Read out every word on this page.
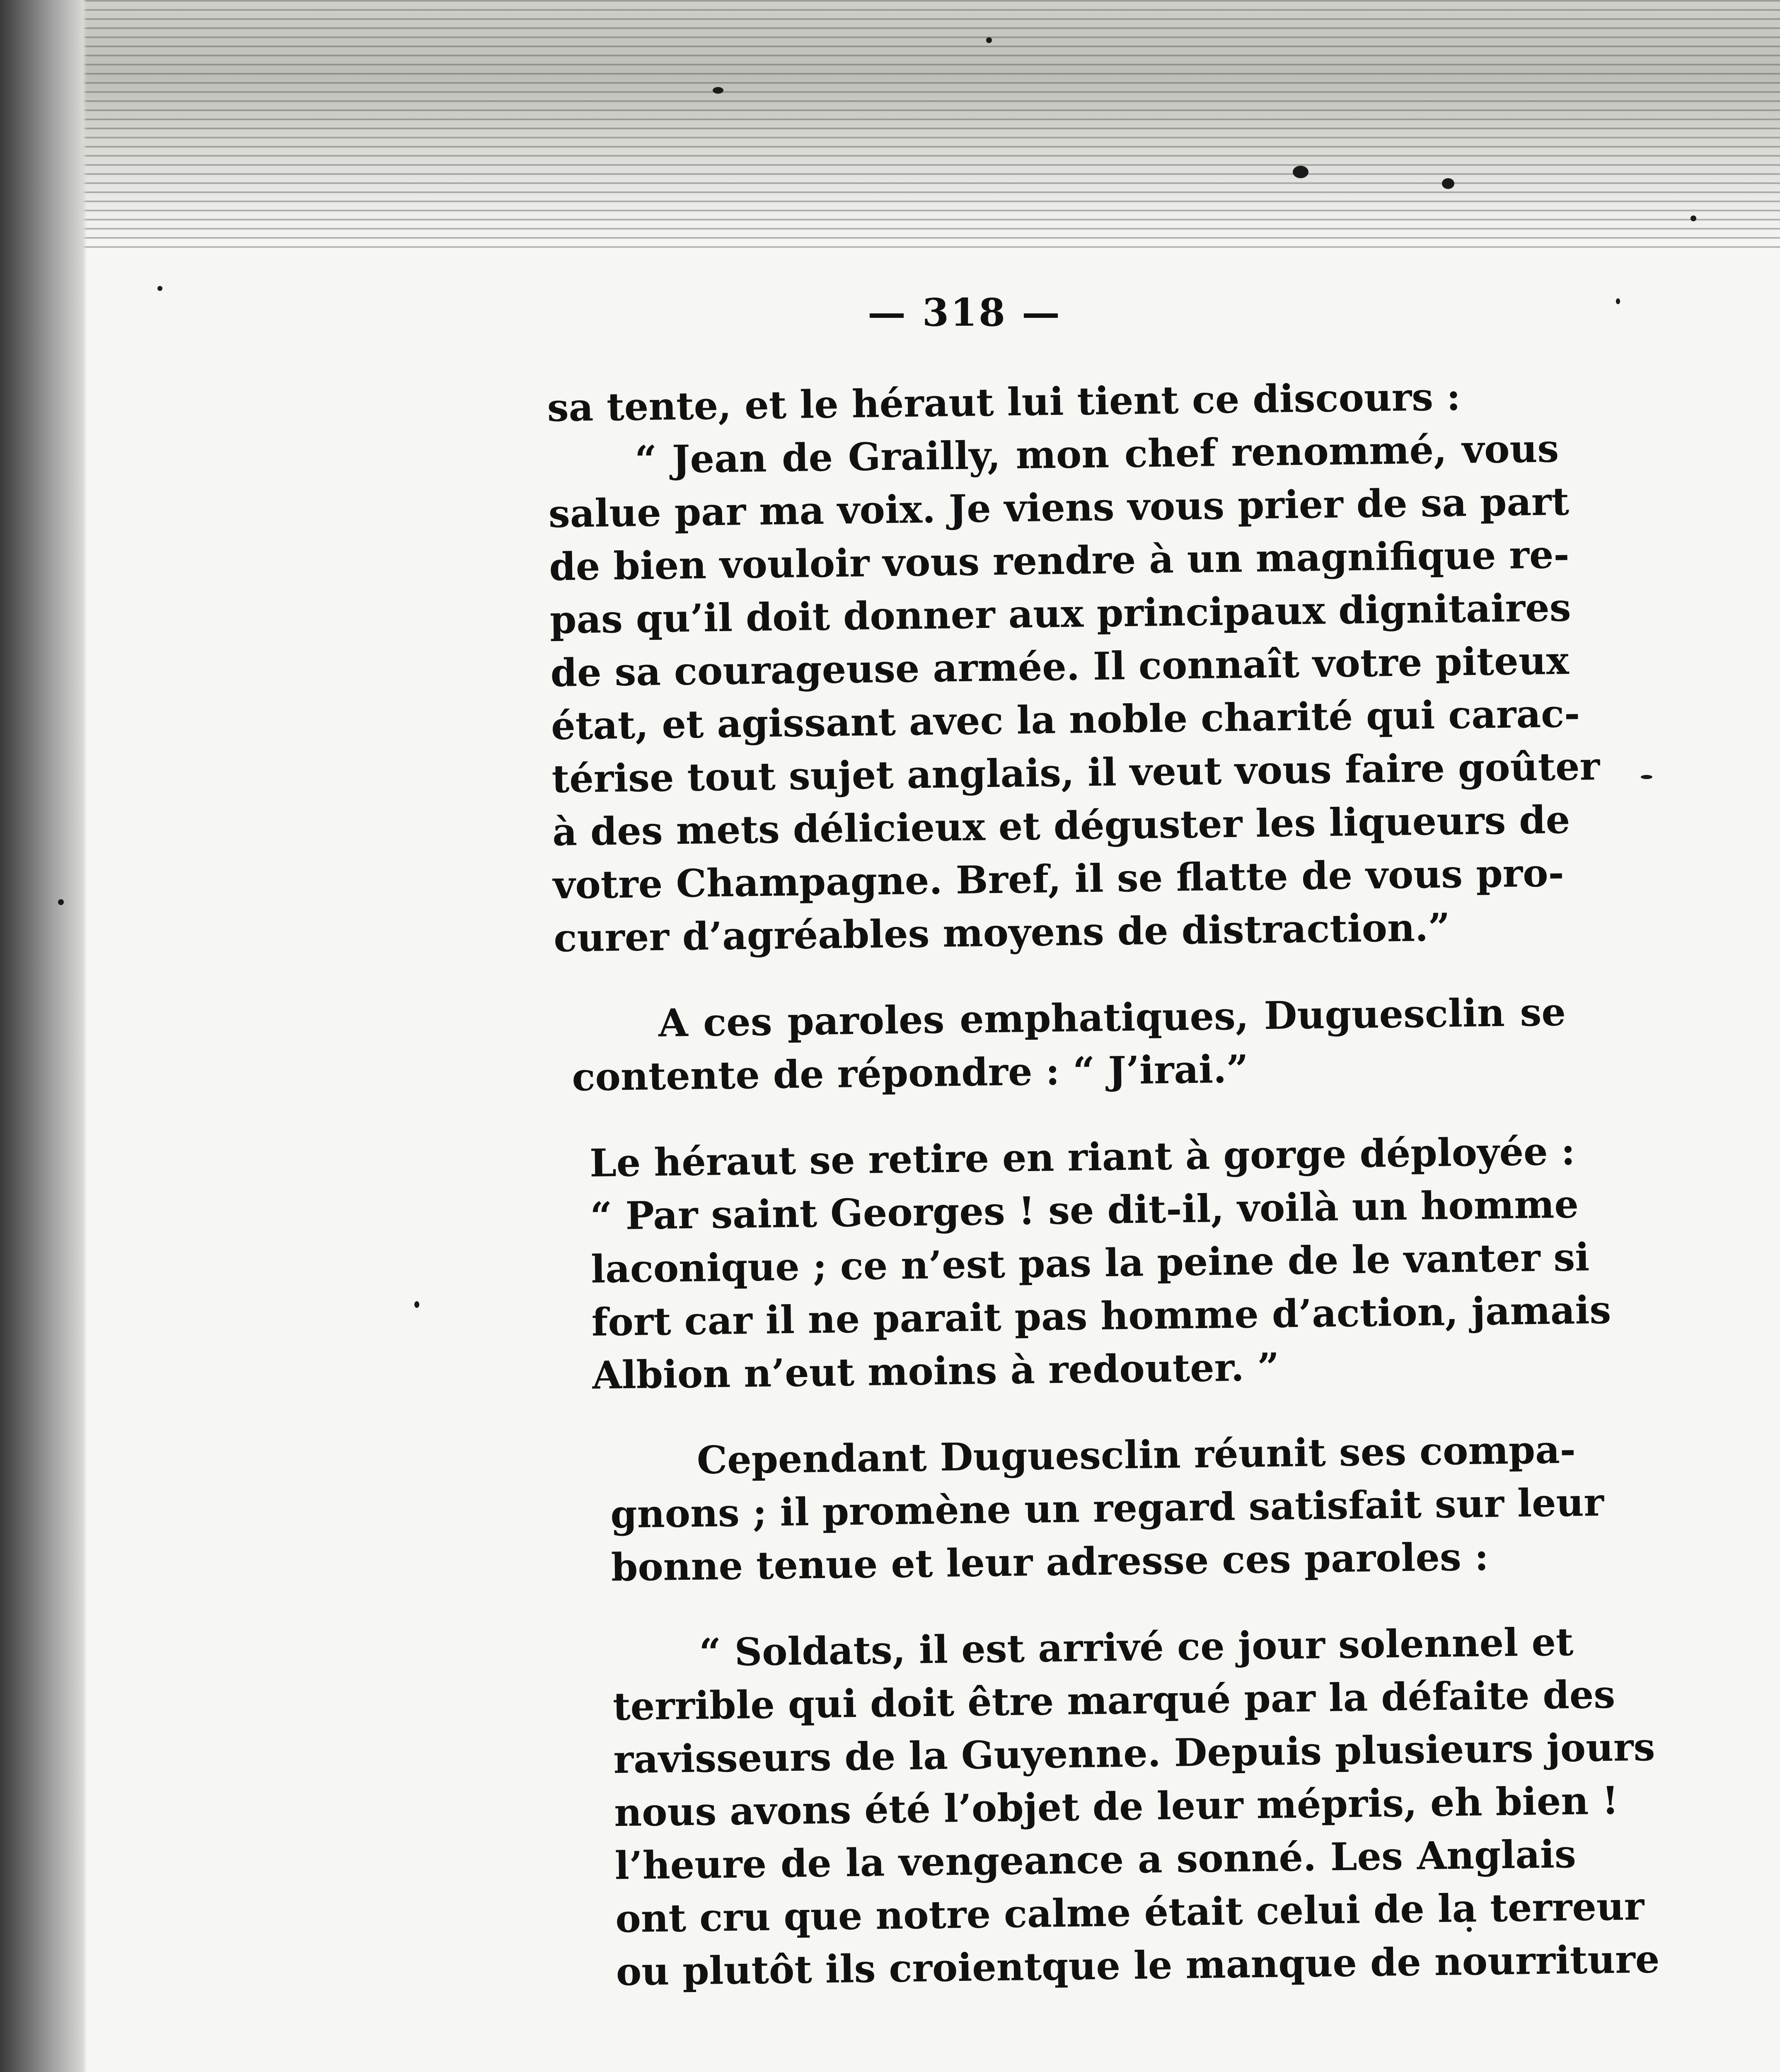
— 318 —
sa tente, et le héraut lui tient ce discours :
“ Jean de Grailly, mon chef renommé, vous
salue par ma voix. Je viens vous prier de sa part
de bien vouloir vous rendre à un magnifique re-
pas qu’il doit donner aux principaux dignitaires
de sa courageuse armée. Il connaît votre piteux
état, et agissant avec la noble charité qui carac-
térise tout sujet anglais, il veut vous faire goûter
à des mets délicieux et déguster les liqueurs de
votre Champagne. Bref, il se flatte de vous pro-
curer d’agréables moyens de distraction.”
A ces paroles emphatiques, Duguesclin se
contente de répondre : “ J’irai.”
Le héraut se retire en riant à gorge déployée :
“ Par saint Georges ! se dit-il, voilà un homme
laconique ; ce n’est pas la peine de le vanter si
fort car il ne parait pas homme d’action, jamais
Albion n’eut moins à redouter. ”
Cependant Duguesclin réunit ses compa-
gnons ; il promène un regard satisfait sur leur
bonne tenue et leur adresse ces paroles :
“ Soldats, il est arrivé ce jour solennel et
terrible qui doit être marqué par la défaite des
ravisseurs de la Guyenne. Depuis plusieurs jours
nous avons été l’objet de leur mépris, eh bien !
l’heure de la vengeance a sonné. Les Anglais
ont cru que notre calme était celui de la terreur
ou plutôt ils croientque le manque de nourriture
